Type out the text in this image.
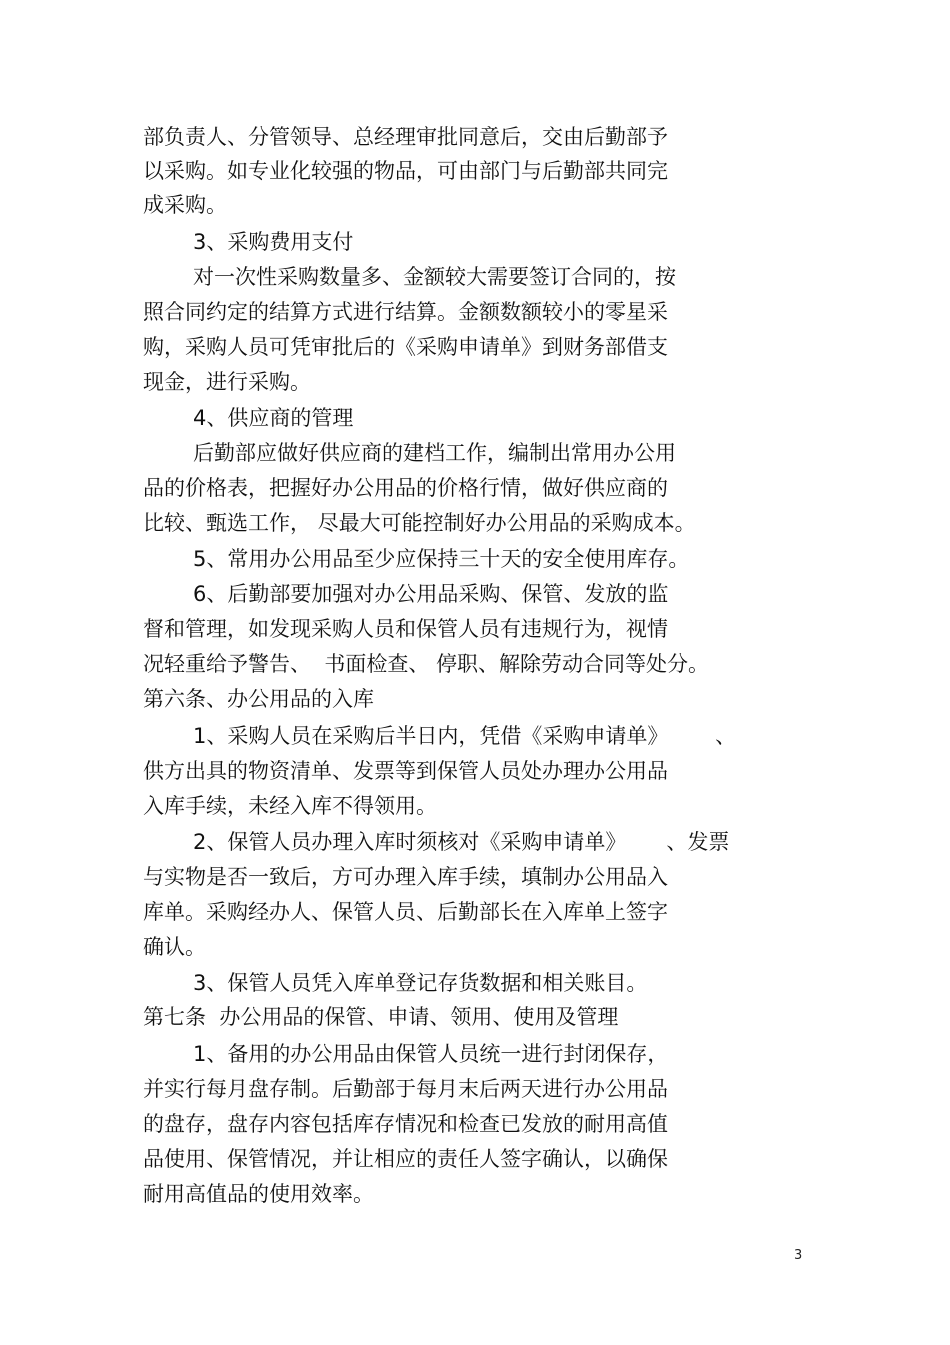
部负责人、分管领导、总经理审批同意后，交由后勤部予

以采购。如专业化较强的物品，可由部门与后勤部共同完

成采购。

3、采购费用支付

对一次性采购数量多、金额较大需要签订合同的，按

照合同约定的结算方式进行结算。金额数额较小的零星采

购，采购人员可凭审批后的《采购申请单》到财务部借支

现金，进行采购。

4、供应商的管理

后勤部应做好供应商的建档工作，编制出常用办公用

品的价格表，把握好办公用品的价格行情，做好供应商的

比较、甄选工作， 尽最大可能控制好办公用品的采购成本。

5、常用办公用品至少应保持三十天的安全使用库存。

6、后勤部要加强对办公用品采购、保管、发放的监

督和管理，如发现采购人员和保管人员有违规行为，视情

况轻重给予警告、  书面检查、 停职、解除劳动合同等处分。

第六条、办公用品的入库

1、采购人员在采购后半日内，凭借《采购申请单》       、

供方出具的物资清单、发票等到保管人员处办理办公用品

入库手续，未经入库不得领用。

2、保管人员办理入库时须核对《采购申请单》      、发票

与实物是否一致后，方可办理入库手续，填制办公用品入

库单。采购经办人、保管人员、后勤部长在入库单上签字

确认。

3、保管人员凭入库单登记存货数据和相关账目。

第七条  办公用品的保管、申请、领用、使用及管理

1、备用的办公用品由保管人员统一进行封闭保存，

并实行每月盘存制。后勤部于每月末后两天进行办公用品

的盘存，盘存内容包括库存情况和检查已发放的耐用高值

品使用、保管情况，并让相应的责任人签字确认，以确保

耐用高值品的使用效率。

3
